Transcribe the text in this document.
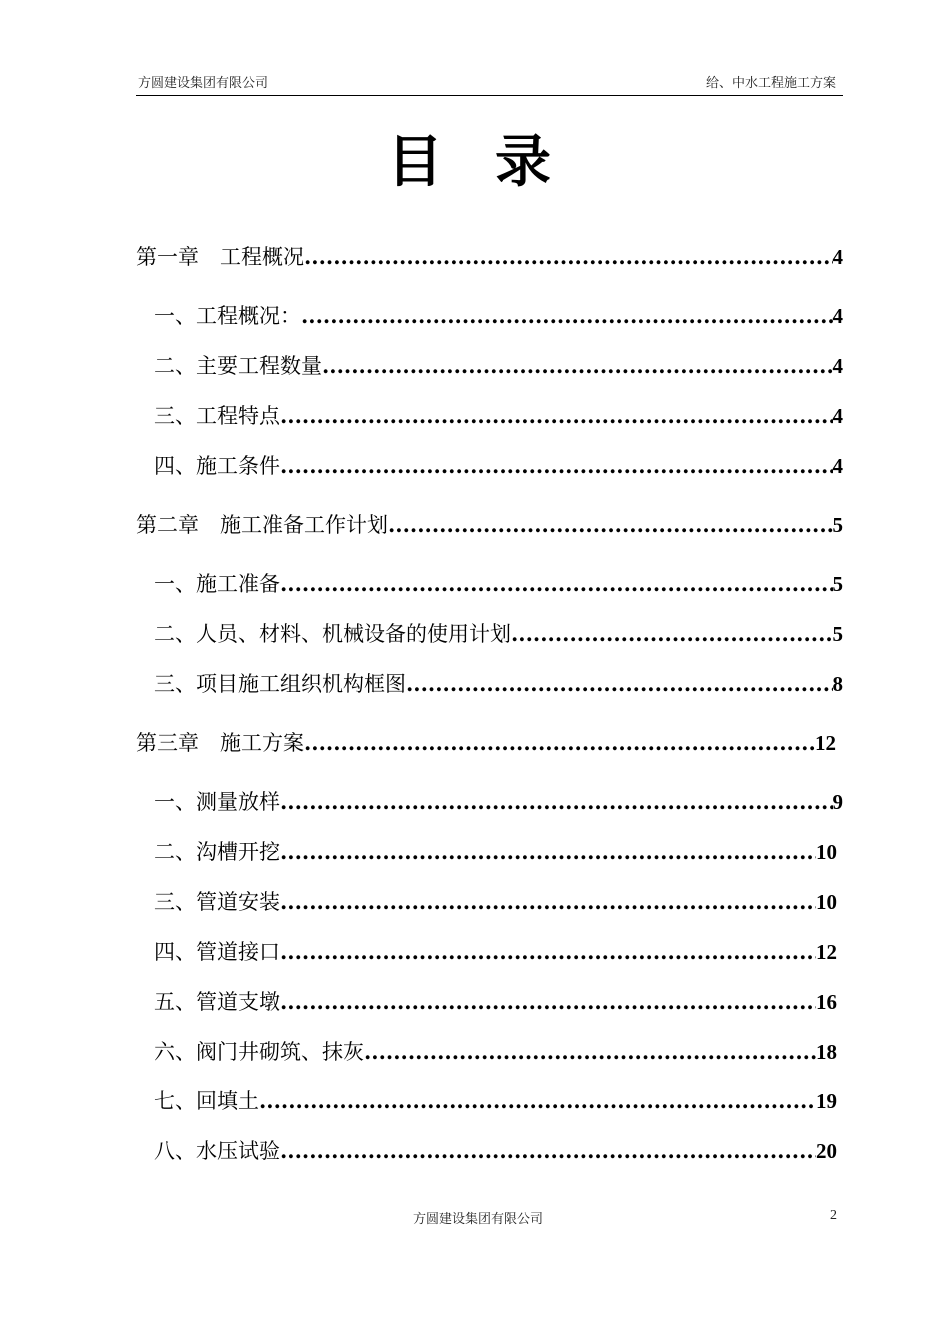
方圆建设集团有限公司	给、中水工程施工方案
目录
第一章　工程概况 .....	4
一、工程概况： .....	4
二、主要工程数量 .....	4
三、工程特点 .....	4
四、施工条件 .....	4
第二章　施工准备工作计划 .....	5
一、施工准备 .....	5
二、人员、材料、机械设备的使用计划 .....	5
三、项目施工组织机构框图 .....	8
第三章　施工方案 .....	12
一、测量放样 .....	9
二、沟槽开挖 .....	10
三、管道安装 .....	10
四、管道接口 .....	12
五、管道支墩 .....	16
六、阀门井砌筑、抹灰 .....	18
七、回填土 .....	19
八、水压试验 .....	20
方圆建设集团有限公司	2
